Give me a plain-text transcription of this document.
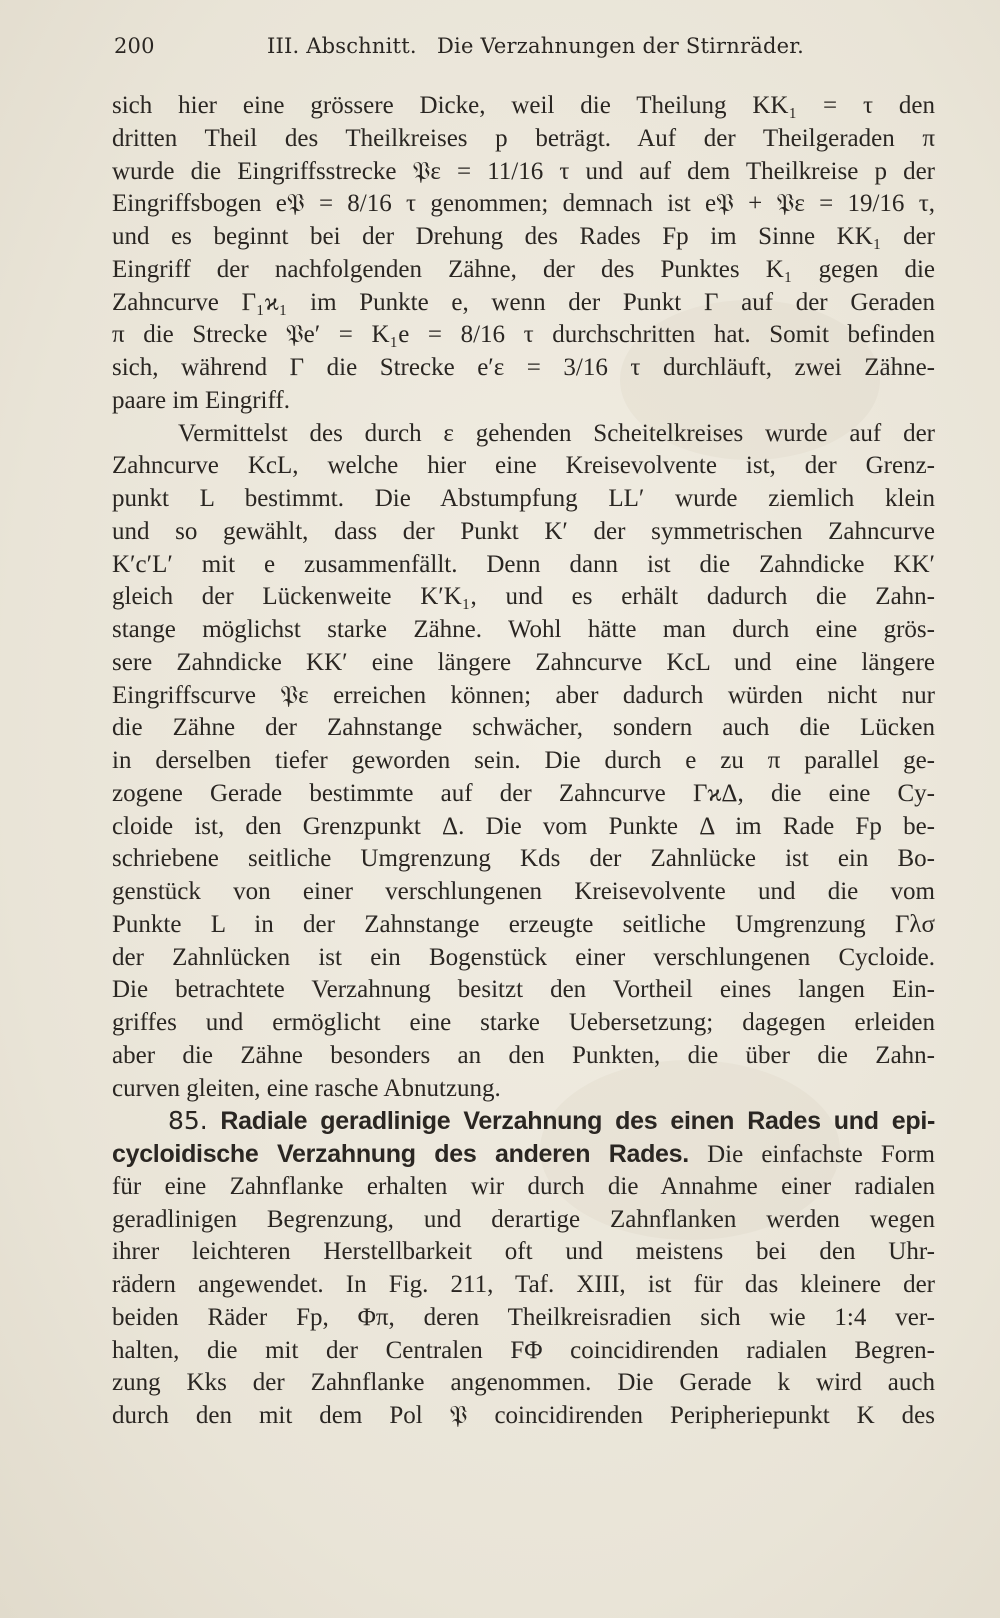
200	III. Abschnitt. Die Verzahnungen der Stirnräder.
sich hier eine grössere Dicke, weil die Theilung KK₁ = τ den
dritten Theil des Theilkreises p beträgt. Auf der Theilgeraden π
wurde die Eingriffsstrecke 𝔓ε = 11/16 τ und auf dem Theilkreise p der
Eingriffsbogen e𝔓 = 8/16 τ genommen; demnach ist e𝔓 + 𝔓ε = 19/16 τ,
und es beginnt bei der Drehung des Rades Fp im Sinne KK₁ der
Eingriff der nachfolgenden Zähne, der des Punktes K₁ gegen die
Zahncurve Γ₁ϰ₁ im Punkte e, wenn der Punkt Γ auf der Geraden
π die Strecke 𝔓e′ = K₁e = 8/16 τ durchschritten hat. Somit befinden
sich, während Γ die Strecke e′ε = 3/16 τ durchläuft, zwei Zähne-
paare im Eingriff.
Vermittelst des durch ε gehenden Scheitelkreises wurde auf der
Zahncurve KcL, welche hier eine Kreisevolvente ist, der Grenz-
punkt L bestimmt. Die Abstumpfung LL′ wurde ziemlich klein
und so gewählt, dass der Punkt K′ der symmetrischen Zahncurve
K′c′L′ mit e zusammenfällt. Denn dann ist die Zahndicke KK′
gleich der Lückenweite K′K₁, und es erhält dadurch die Zahn-
stange möglichst starke Zähne. Wohl hätte man durch eine grös-
sere Zahndicke KK′ eine längere Zahncurve KcL und eine längere
Eingriffscurve 𝔓ε erreichen können; aber dadurch würden nicht nur
die Zähne der Zahnstange schwächer, sondern auch die Lücken
in derselben tiefer geworden sein. Die durch e zu π parallel ge-
zogene Gerade bestimmte auf der Zahncurve ΓϰΔ, die eine Cy-
cloide ist, den Grenzpunkt Δ. Die vom Punkte Δ im Rade Fp be-
schriebene seitliche Umgrenzung Kds der Zahnlücke ist ein Bo-
genstück von einer verschlungenen Kreisevolvente und die vom
Punkte L in der Zahnstange erzeugte seitliche Umgrenzung Γλσ
der Zahnlücken ist ein Bogenstück einer verschlungenen Cycloide.
Die betrachtete Verzahnung besitzt den Vortheil eines langen Ein-
griffes und ermöglicht eine starke Uebersetzung; dagegen erleiden
aber die Zähne besonders an den Punkten, die über die Zahn-
curven gleiten, eine rasche Abnutzung.
85. Radiale geradlinige Verzahnung des einen Rades und epi-
cycloidische Verzahnung des anderen Rades. Die einfachste Form
für eine Zahnflanke erhalten wir durch die Annahme einer radialen
geradlinigen Begrenzung, und derartige Zahnflanken werden wegen
ihrer leichteren Herstellbarkeit oft und meistens bei den Uhr-
rädern angewendet. In Fig. 211, Taf. XIII, ist für das kleinere der
beiden Räder Fp, Φπ, deren Theilkreisradien sich wie 1:4 ver-
halten, die mit der Centralen FΦ coincidirenden radialen Begren-
zung Kks der Zahnflanke angenommen. Die Gerade k wird auch
durch den mit dem Pol 𝔓 coincidirenden Peripheriepunkt K des
